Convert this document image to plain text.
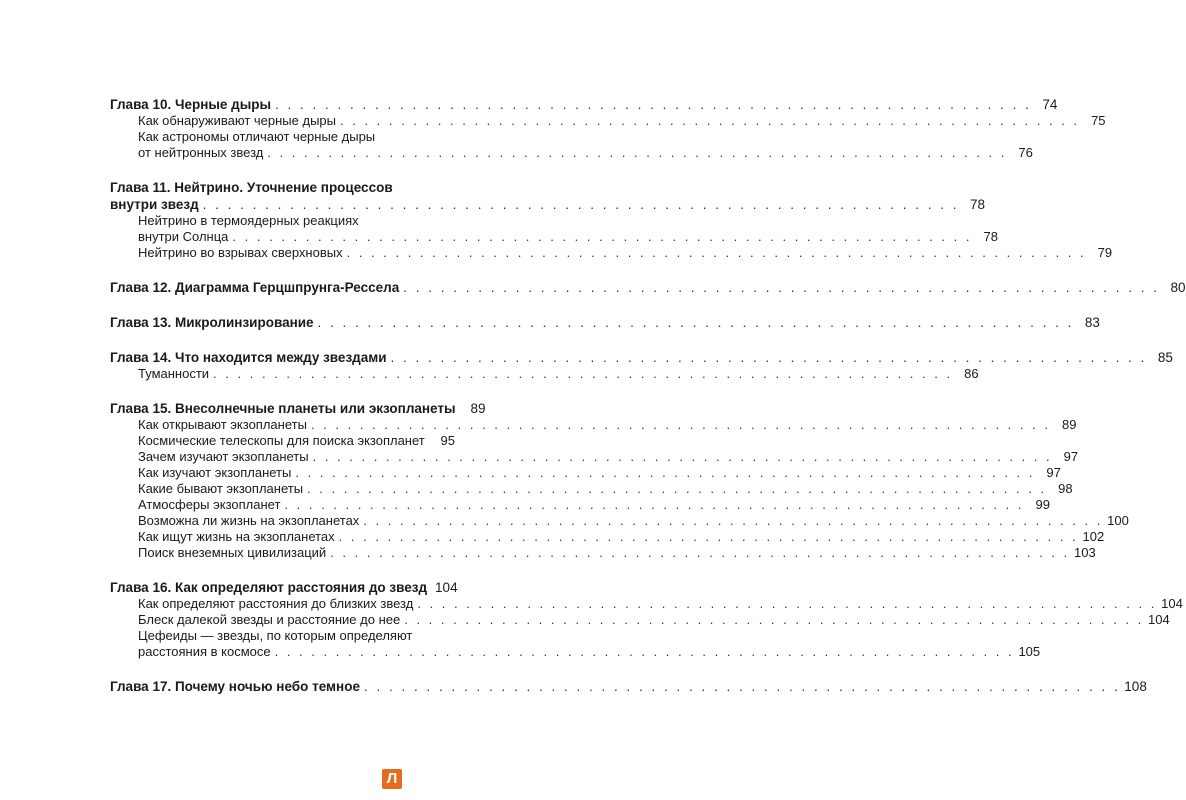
Глава 10. Черные дыры . . . . . . . . . . . . . . . . . . . . . . . . . . . . . . . . . . . . . . . . . . . . . . . . . . . . . . . . . . . . . 74
Как обнаруживают черные дыры . . . . . . . . . . . . . . . . . . . . . . . . . . . . . . . . . . . . . . . . . . . . . . . . . . . . . . . . . . . . . 75
Как астрономы отличают черные дыры
от нейтронных звезд . . . . . . . . . . . . . . . . . . . . . . . . . . . . . . . . . . . . . . . . . . . . . . . . . . . . . . . . . . . . . 76
Глава 11. Нейтрино. Уточнение процессов
внутри звезд . . . . . . . . . . . . . . . . . . . . . . . . . . . . . . . . . . . . . . . . . . . . . . . . . . . . . . . . . . . . . 78
Нейтрино в термоядерных реакциях
внутри Солнца . . . . . . . . . . . . . . . . . . . . . . . . . . . . . . . . . . . . . . . . . . . . . . . . . . . . . . . . . . . . . 78
Нейтрино во взрывах сверхновых . . . . . . . . . . . . . . . . . . . . . . . . . . . . . . . . . . . . . . . . . . . . . . . . . . . . . . . . . . . . . 79
Глава 12. Диаграмма Герцшпрунга-Рессела . . . . . . . . . . . . . . . . . . . . . . . . . . . . . . . . . . . . . . . . . . . . . . . . . . . . . . . . . . . . . 80
Глава 13. Микролинзирование . . . . . . . . . . . . . . . . . . . . . . . . . . . . . . . . . . . . . . . . . . . . . . . . . . . . . . . . . . . . . 83
Глава 14. Что находится между звездами . . . . . . . . . . . . . . . . . . . . . . . . . . . . . . . . . . . . . . . . . . . . . . . . . . . . . . . . . . . . . 85
Туманности . . . . . . . . . . . . . . . . . . . . . . . . . . . . . . . . . . . . . . . . . . . . . . . . . . . . . . . . . . . . . 86
Глава 15. Внесолнечные планеты или экзопланеты	89
Как открывают экзопланеты . . . . . . . . . . . . . . . . . . . . . . . . . . . . . . . . . . . . . . . . . . . . . . . . . . . . . . . . . . . . . 89
Космические телескопы для поиска экзопланет	95
Зачем изучают экзопланеты . . . . . . . . . . . . . . . . . . . . . . . . . . . . . . . . . . . . . . . . . . . . . . . . . . . . . . . . . . . . . 97
Как изучают экзопланеты . . . . . . . . . . . . . . . . . . . . . . . . . . . . . . . . . . . . . . . . . . . . . . . . . . . . . . . . . . . . . 97
Какие бывают экзопланеты . . . . . . . . . . . . . . . . . . . . . . . . . . . . . . . . . . . . . . . . . . . . . . . . . . . . . . . . . . . . . 98
Атмосферы экзопланет . . . . . . . . . . . . . . . . . . . . . . . . . . . . . . . . . . . . . . . . . . . . . . . . . . . . . . . . . . . . . 99
Возможна ли жизнь на экзопланетах . . . . . . . . . . . . . . . . . . . . . . . . . . . . . . . . . . . . . . . . . . . . . . . . . . . . . . . . . . . . . 100
Как ищут жизнь на экзопланетах . . . . . . . . . . . . . . . . . . . . . . . . . . . . . . . . . . . . . . . . . . . . . . . . . . . . . . . . . . . . . 102
Поиск внеземных цивилизаций . . . . . . . . . . . . . . . . . . . . . . . . . . . . . . . . . . . . . . . . . . . . . . . . . . . . . . . . . . . . . 103
Глава 16. Как определяют расстояния до звезд 104
Как определяют расстояния до близких звезд . . . . . . . . . . . . . . . . . . . . . . . . . . . . . . . . . . . . . . . . . . . . . . . . . . . . . . . . . . . . . 104
Блеск далекой звезды и расстояние до нее . . . . . . . . . . . . . . . . . . . . . . . . . . . . . . . . . . . . . . . . . . . . . . . . . . . . . . . . . . . . . 104
Цефеиды — звезды, по которым определяют
расстояния в космосе . . . . . . . . . . . . . . . . . . . . . . . . . . . . . . . . . . . . . . . . . . . . . . . . . . . . . . . . . . . . . 105
Глава 17. Почему ночью небо темное . . . . . . . . . . . . . . . . . . . . . . . . . . . . . . . . . . . . . . . . . . . . . . . . . . . . . . . . . . . . . 108
Л
